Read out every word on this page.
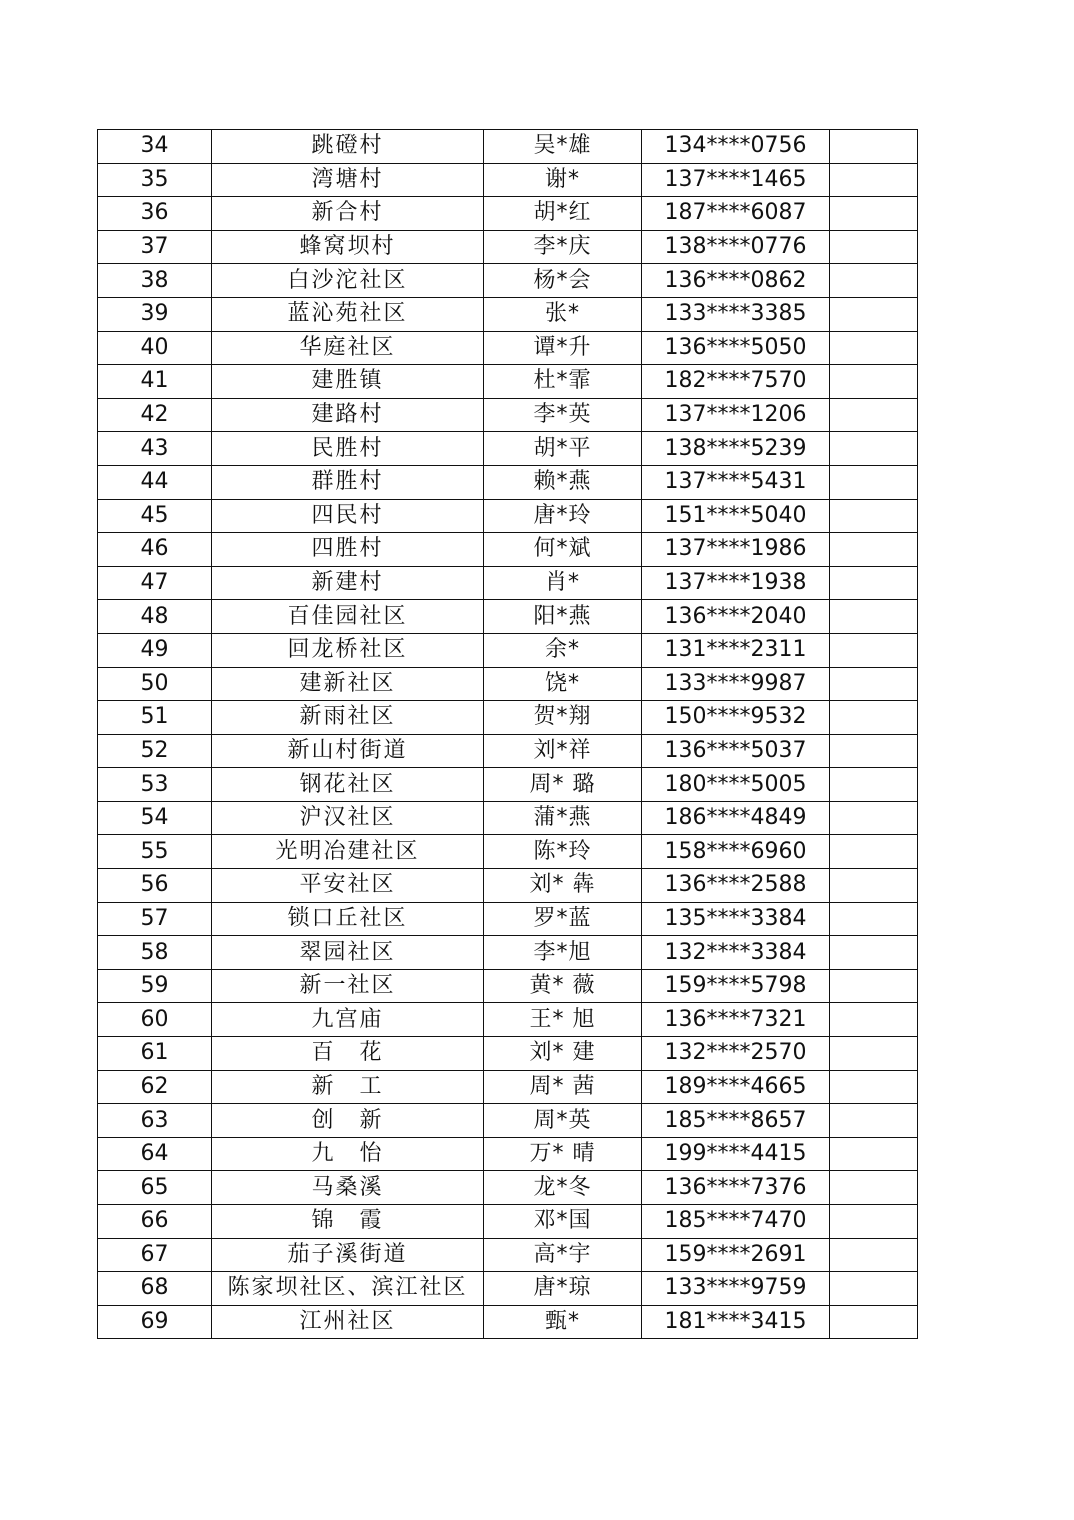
34	跳磴村	吴*雄	134****0756	
35	湾塘村	谢*	137****1465	
36	新合村	胡*红	187****6087	
37	蜂窝坝村	李*庆	138****0776	
38	白沙沱社区	杨*会	136****0862	
39	蓝沁苑社区	张*	133****3385	
40	华庭社区	谭*升	136****5050	
41	建胜镇	杜*霏	182****7570	
42	建路村	李*英	137****1206	
43	民胜村	胡*平	138****5239	
44	群胜村	赖*燕	137****5431	
45	四民村	唐*玲	151****5040	
46	四胜村	何*斌	137****1986	
47	新建村	肖*	137****1938	
48	百佳园社区	阳*燕	136****2040	
49	回龙桥社区	余*	131****2311	
50	建新社区	饶*	133****9987	
51	新雨社区	贺*翔	150****9532	
52	新山村街道	刘*祥	136****5037	
53	钢花社区	周* 璐	180****5005	
54	沪汉社区	蒲*燕	186****4849	
55	光明冶建社区	陈*玲	158****6960	
56	平安社区	刘* 犇	136****2588	
57	锁口丘社区	罗*蓝	135****3384	
58	翠园社区	李*旭	132****3384	
59	新一社区	黄* 薇	159****5798	
60	九宫庙	王* 旭	136****7321	
61	百　花	刘* 建	132****2570	
62	新　工	周* 茜	189****4665	
63	创　新	周*英	185****8657	
64	九　怡	万* 晴	199****4415	
65	马桑溪	龙*冬	136****7376	
66	锦　霞	邓*国	185****7470	
67	茄子溪街道	高*宇	159****2691	
68	陈家坝社区、滨江社区	唐*琼	133****9759	
69	江州社区	甄*	181****3415	
